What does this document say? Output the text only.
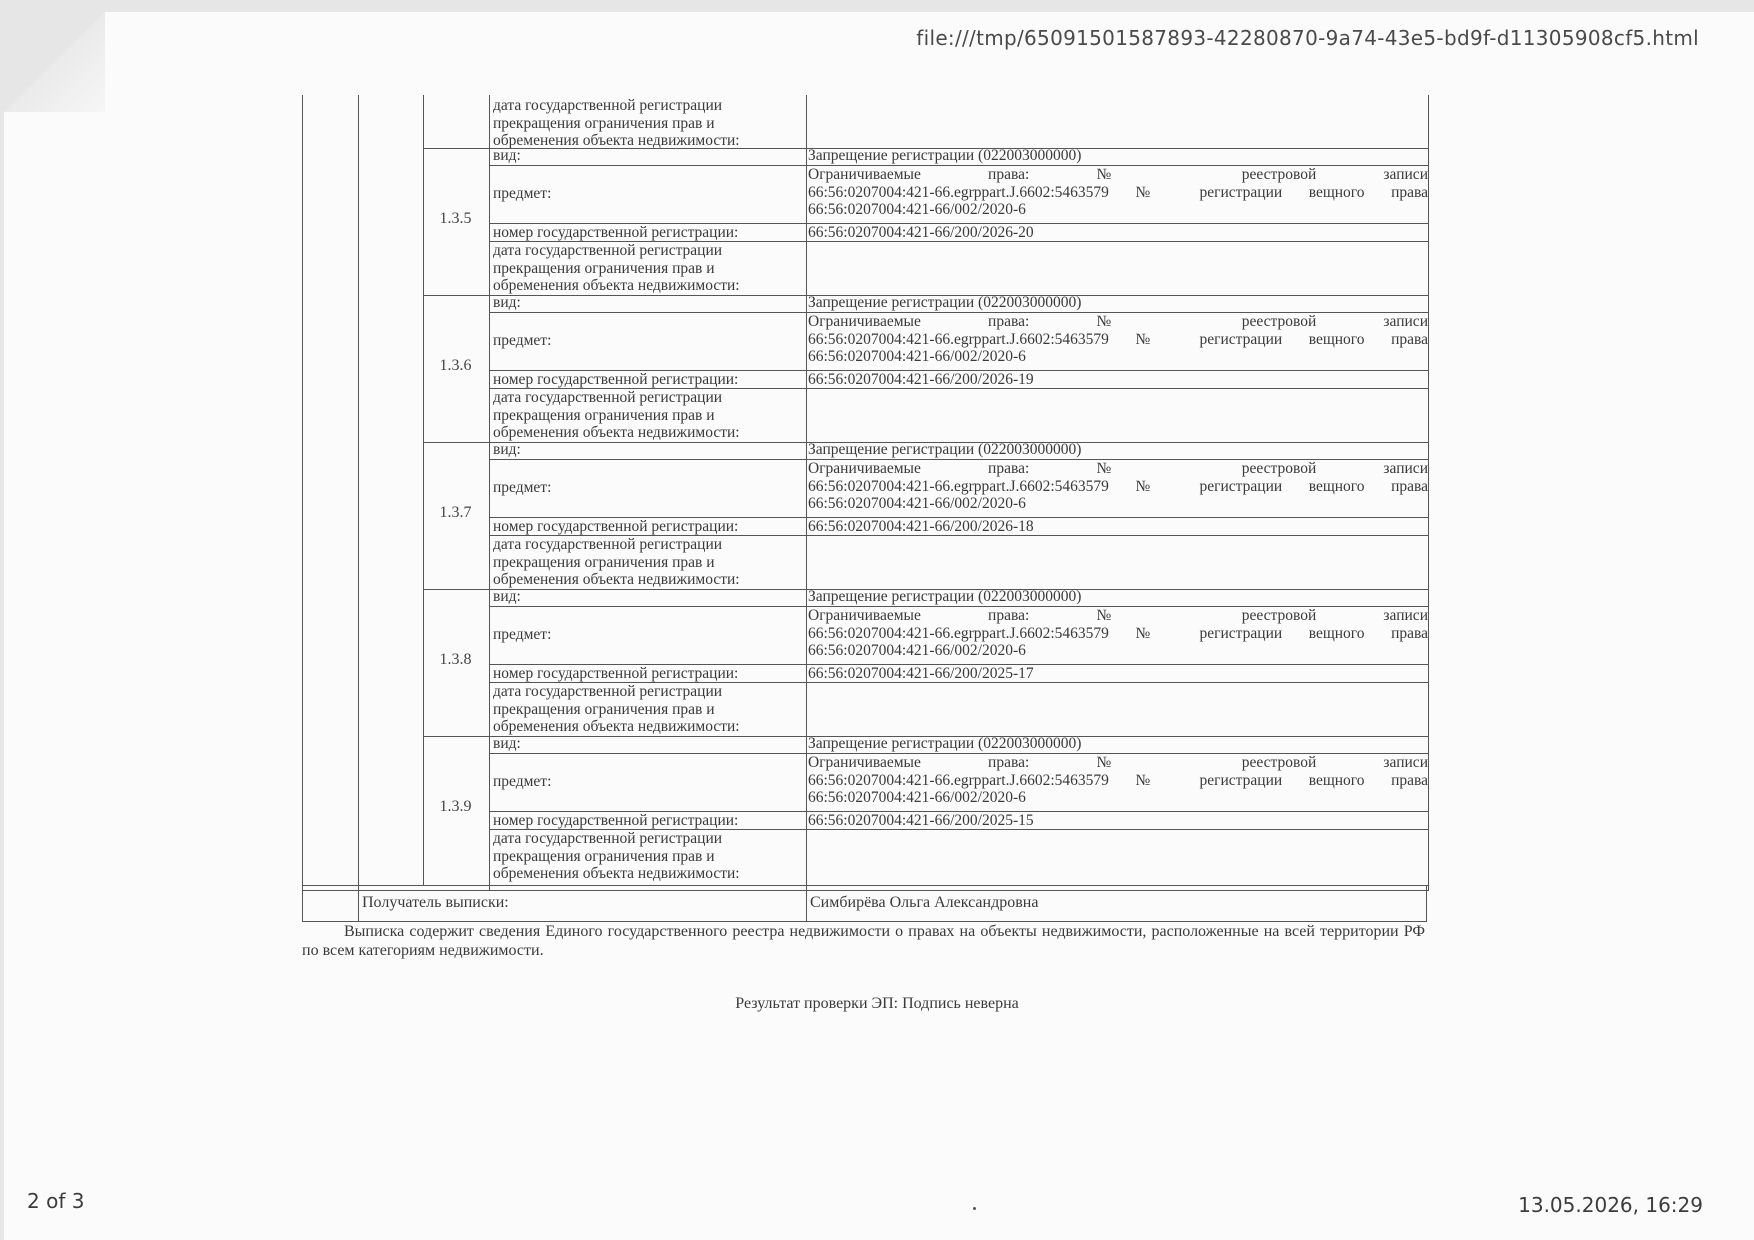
file:///tmp/65091501587893-42280870-9a74-43e5-bd9f-d11305908cf5.html
дата государственной регистрации
прекращения ограничения прав и
обременения объекта недвижимости:
1.3.5
вид:
предмет:
номер государственной регистрации:
дата государственной регистрации
прекращения ограничения прав и
обременения объекта недвижимости:
Запрещение регистрации (022003000000)
Ограничиваемые права: № реестровой записи
66:56:0207004:421-66.egrppart.J.6602:5463579 № регистрации вещного права
66:56:0207004:421-66/002/2020-6
66:56:0207004:421-66/200/2026-20
1.3.6
вид:
предмет:
номер государственной регистрации:
дата государственной регистрации
прекращения ограничения прав и
обременения объекта недвижимости:
Запрещение регистрации (022003000000)
Ограничиваемые права: № реестровой записи
66:56:0207004:421-66.egrppart.J.6602:5463579 № регистрации вещного права
66:56:0207004:421-66/002/2020-6
66:56:0207004:421-66/200/2026-19
1.3.7
вид:
предмет:
номер государственной регистрации:
дата государственной регистрации
прекращения ограничения прав и
обременения объекта недвижимости:
Запрещение регистрации (022003000000)
Ограничиваемые права: № реестровой записи
66:56:0207004:421-66.egrppart.J.6602:5463579 № регистрации вещного права
66:56:0207004:421-66/002/2020-6
66:56:0207004:421-66/200/2026-18
1.3.8
вид:
предмет:
номер государственной регистрации:
дата государственной регистрации
прекращения ограничения прав и
обременения объекта недвижимости:
Запрещение регистрации (022003000000)
Ограничиваемые права: № реестровой записи
66:56:0207004:421-66.egrppart.J.6602:5463579 № регистрации вещного права
66:56:0207004:421-66/002/2020-6
66:56:0207004:421-66/200/2025-17
1.3.9
вид:
предмет:
номер государственной регистрации:
дата государственной регистрации
прекращения ограничения прав и
обременения объекта недвижимости:
Запрещение регистрации (022003000000)
Ограничиваемые права: № реестровой записи
66:56:0207004:421-66.egrppart.J.6602:5463579 № регистрации вещного права
66:56:0207004:421-66/002/2020-6
66:56:0207004:421-66/200/2025-15
Получатель выписки:	Симбирёва Ольга Александровна
Выписка содержит сведения Единого государственного реестра недвижимости о правах на объекты недвижимости, расположенные на всей территории РФ по всем категориям недвижимости.
Результат проверки ЭП: Подпись неверна
2 of 3	13.05.2026, 16:29
